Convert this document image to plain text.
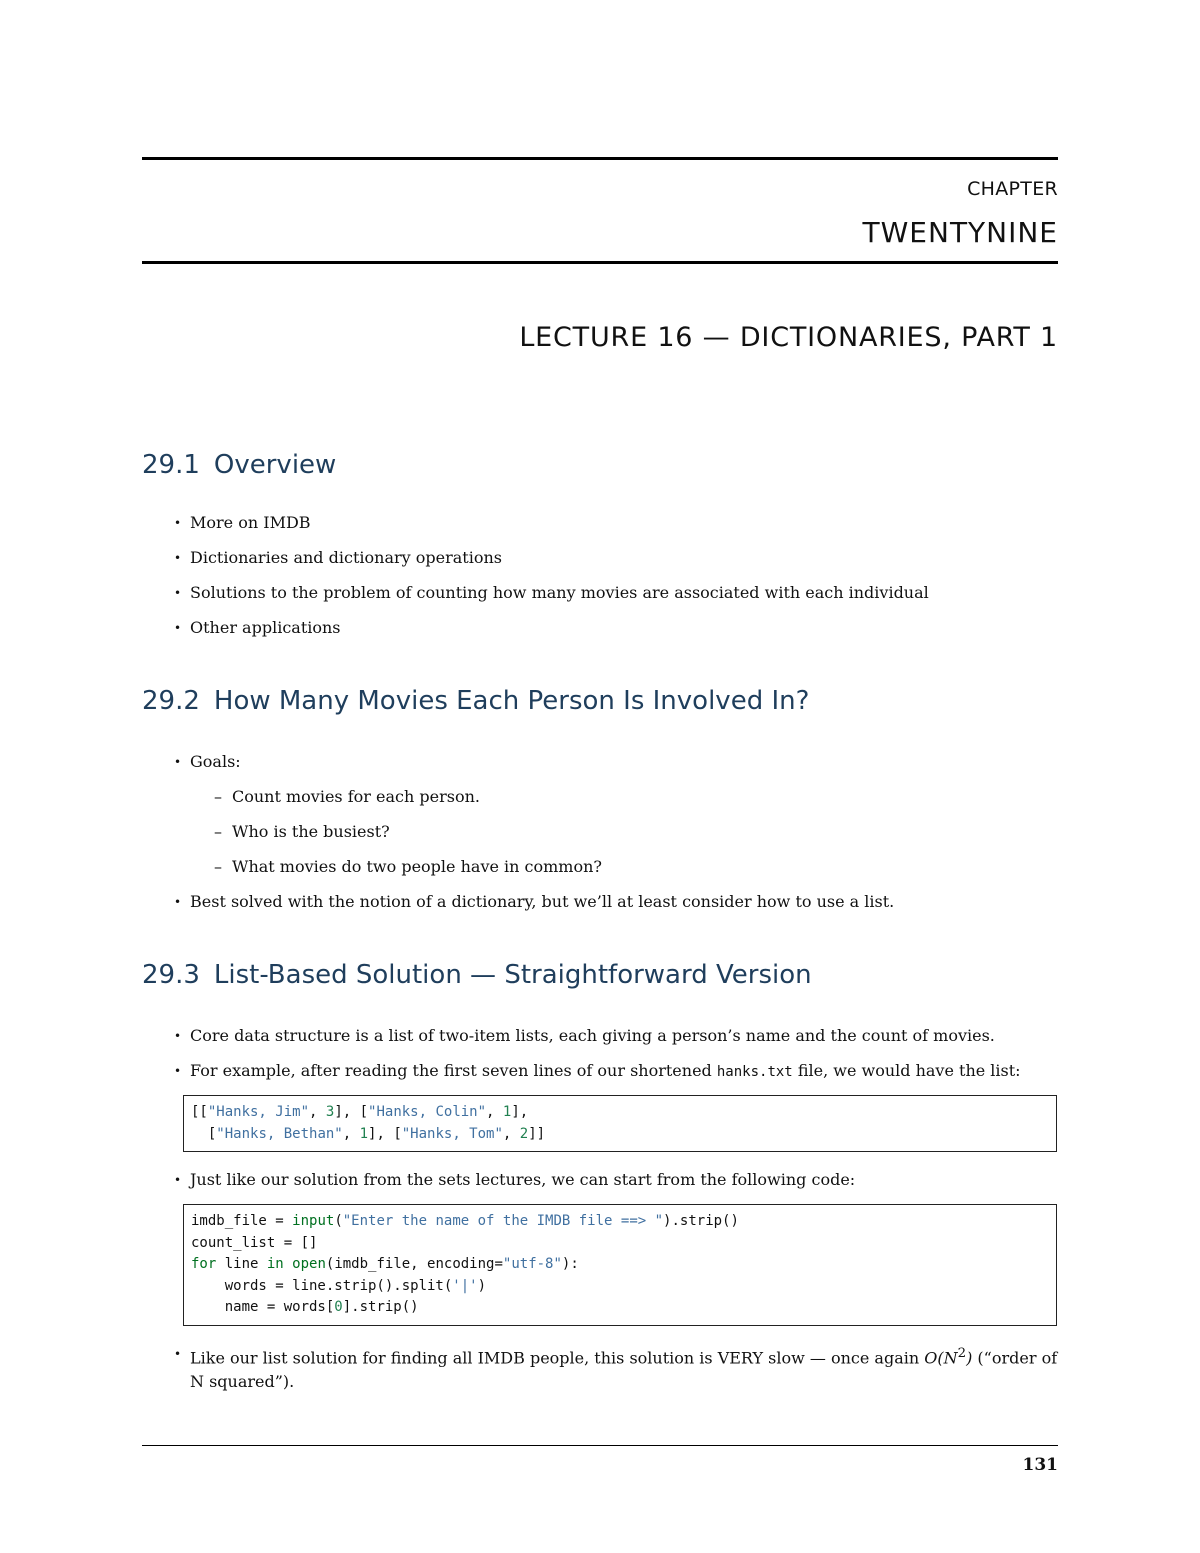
CHAPTER
TWENTYNINE
LECTURE 16 — DICTIONARIES, PART 1
29.1 Overview
• More on IMDB
• Dictionaries and dictionary operations
• Solutions to the problem of counting how many movies are associated with each individual
• Other applications
29.2 How Many Movies Each Person Is Involved In?
• Goals:
– Count movies for each person.
– Who is the busiest?
– What movies do two people have in common?
• Best solved with the notion of a dictionary, but we’ll at least consider how to use a list.
29.3 List-Based Solution — Straightforward Version
• Core data structure is a list of two-item lists, each giving a person’s name and the count of movies.
• For example, after reading the first seven lines of our shortened hanks.txt file, we would have the list:
[["Hanks, Jim", 3], ["Hanks, Colin", 1],
["Hanks, Bethan", 1], ["Hanks, Tom", 2]]
• Just like our solution from the sets lectures, we can start from the following code:
imdb_file = input("Enter the name of the IMDB file ==> ").strip()
count_list = []
for line in open(imdb_file, encoding="utf-8"):
words = line.strip().split('|')
name = words[0].strip()
• Like our list solution for finding all IMDB people, this solution is VERY slow — once again $O(N^2)$ (“order of N squared”).
131
